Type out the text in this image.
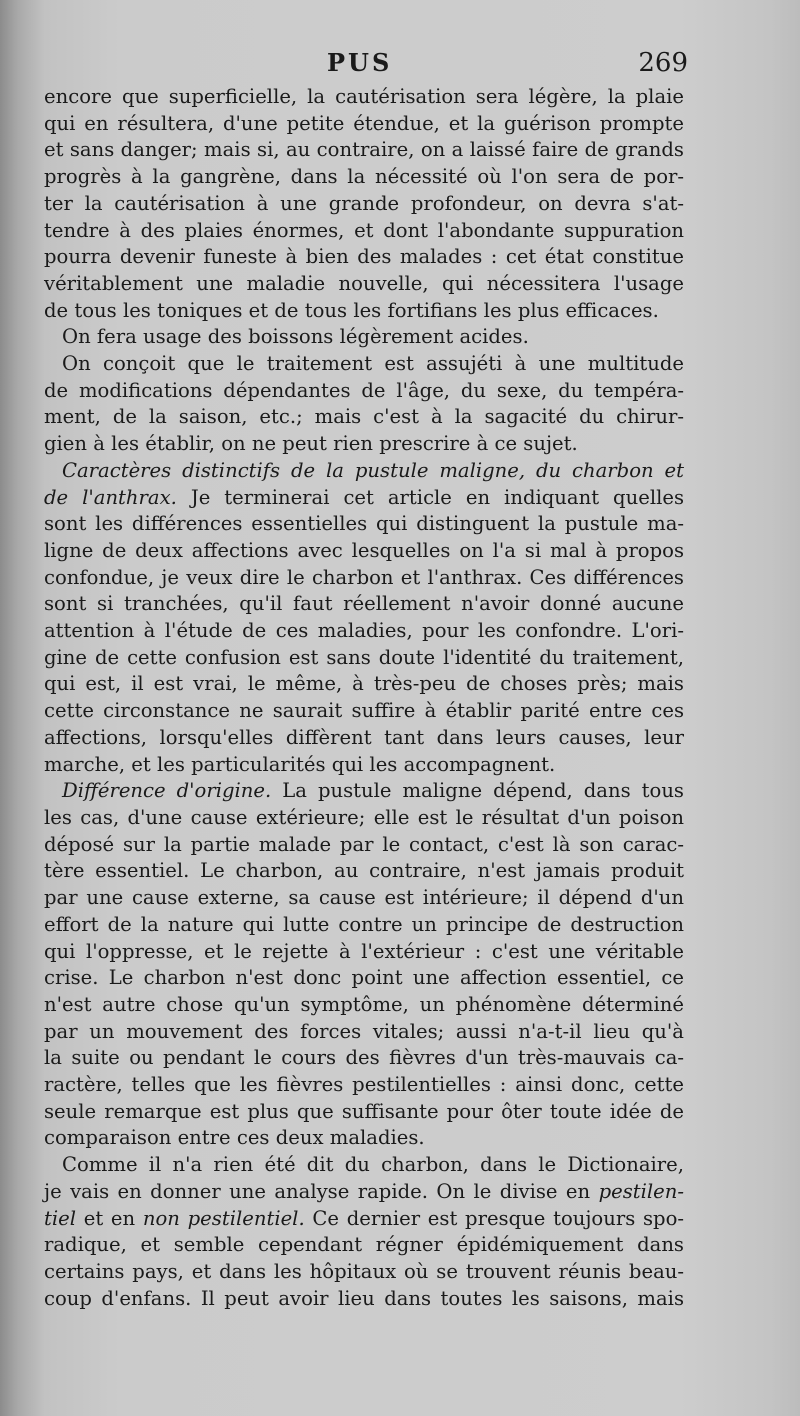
PUS	269
encore que superficielle, la cautérisation sera légère, la plaie
qui en résultera, d'une petite étendue, et la guérison prompte
et sans danger; mais si, au contraire, on a laissé faire de grands
progrès à la gangrène, dans la nécessité où l'on sera de por-
ter la cautérisation à une grande profondeur, on devra s'at-
tendre à des plaies énormes, et dont l'abondante suppuration
pourra devenir funeste à bien des malades : cet état constitue
véritablement une maladie nouvelle, qui nécessitera l'usage
de tous les toniques et de tous les fortifians les plus efficaces.
On fera usage des boissons légèrement acides.
On conçoit que le traitement est assujéti à une multitude
de modifications dépendantes de l'âge, du sexe, du tempéra-
ment, de la saison, etc.; mais c'est à la sagacité du chirur-
gien à les établir, on ne peut rien prescrire à ce sujet.
Caractères distinctifs de la pustule maligne, du charbon et
de l'anthrax. Je terminerai cet article en indiquant quelles
sont les différences essentielles qui distinguent la pustule ma-
ligne de deux affections avec lesquelles on l'a si mal à propos
confondue, je veux dire le charbon et l'anthrax. Ces différences
sont si tranchées, qu'il faut réellement n'avoir donné aucune
attention à l'étude de ces maladies, pour les confondre. L'ori-
gine de cette confusion est sans doute l'identité du traitement,
qui est, il est vrai, le même, à très-peu de choses près; mais
cette circonstance ne saurait suffire à établir parité entre ces
affections, lorsqu'elles diffèrent tant dans leurs causes, leur
marche, et les particularités qui les accompagnent.
Différence d'origine. La pustule maligne dépend, dans tous
les cas, d'une cause extérieure; elle est le résultat d'un poison
déposé sur la partie malade par le contact, c'est là son carac-
tère essentiel. Le charbon, au contraire, n'est jamais produit
par une cause externe, sa cause est intérieure; il dépend d'un
effort de la nature qui lutte contre un principe de destruction
qui l'oppresse, et le rejette à l'extérieur : c'est une véritable
crise. Le charbon n'est donc point une affection essentiel, ce
n'est autre chose qu'un symptôme, un phénomène déterminé
par un mouvement des forces vitales; aussi n'a-t-il lieu qu'à
la suite ou pendant le cours des fièvres d'un très-mauvais ca-
ractère, telles que les fièvres pestilentielles : ainsi donc, cette
seule remarque est plus que suffisante pour ôter toute idée de
comparaison entre ces deux maladies.
Comme il n'a rien été dit du charbon, dans le Dictionaire,
je vais en donner une analyse rapide. On le divise en pestilen-
tiel et en non pestilentiel. Ce dernier est presque toujours spo-
radique, et semble cependant régner épidémiquement dans
certains pays, et dans les hôpitaux où se trouvent réunis beau-
coup d'enfans. Il peut avoir lieu dans toutes les saisons, mais
